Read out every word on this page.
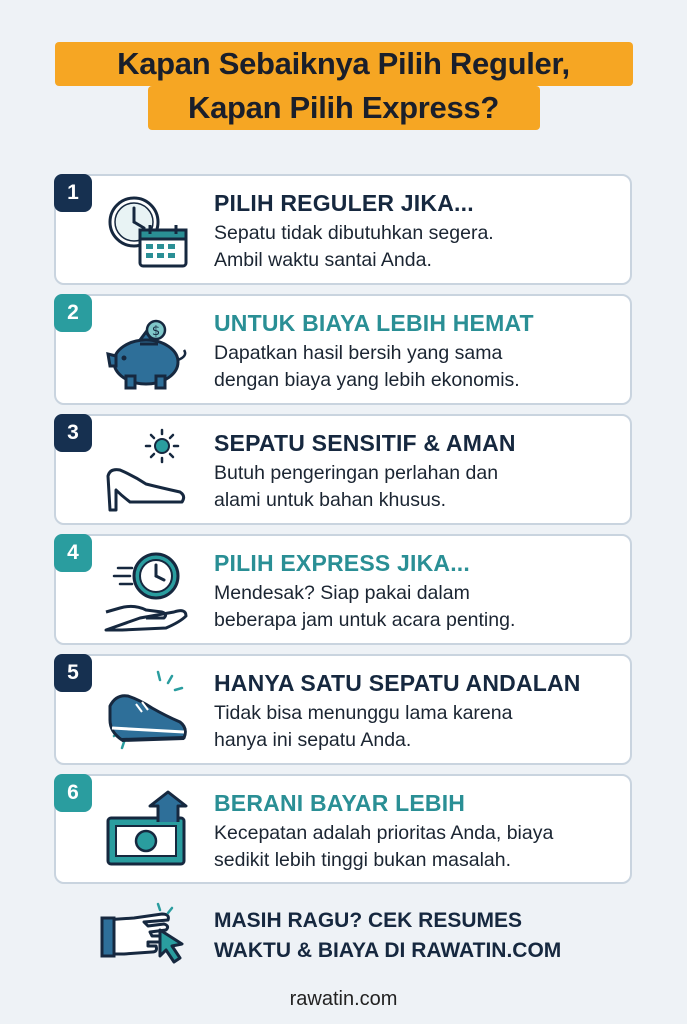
Kapan Sebaiknya Pilih Reguler,
Kapan Pilih Express?
1	PILIH REGULER JIKA...
Sepatu tidak dibutuhkan segera.
Ambil waktu santai Anda.
2
$ UNTUK BIAYA LEBIH HEMAT
Dapatkan hasil bersih yang sama
dengan biaya yang lebih ekonomis.
3	SEPATU SENSITIF & AMAN
Butuh pengeringan perlahan dan
alami untuk bahan khusus.
4	PILIH EXPRESS JIKA...
Mendesak? Siap pakai dalam
beberapa jam untuk acara penting.
5	HANYA SATU SEPATU ANDALAN
Tidak bisa menunggu lama karena
hanya ini sepatu Anda.
6	BERANI BAYAR LEBIH
Kecepatan adalah prioritas Anda, biaya
sedikit lebih tinggi bukan masalah.
MASIH RAGU? CEK RESUMES
WAKTU & BIAYA DI RAWATIN.COM
rawatin.com
